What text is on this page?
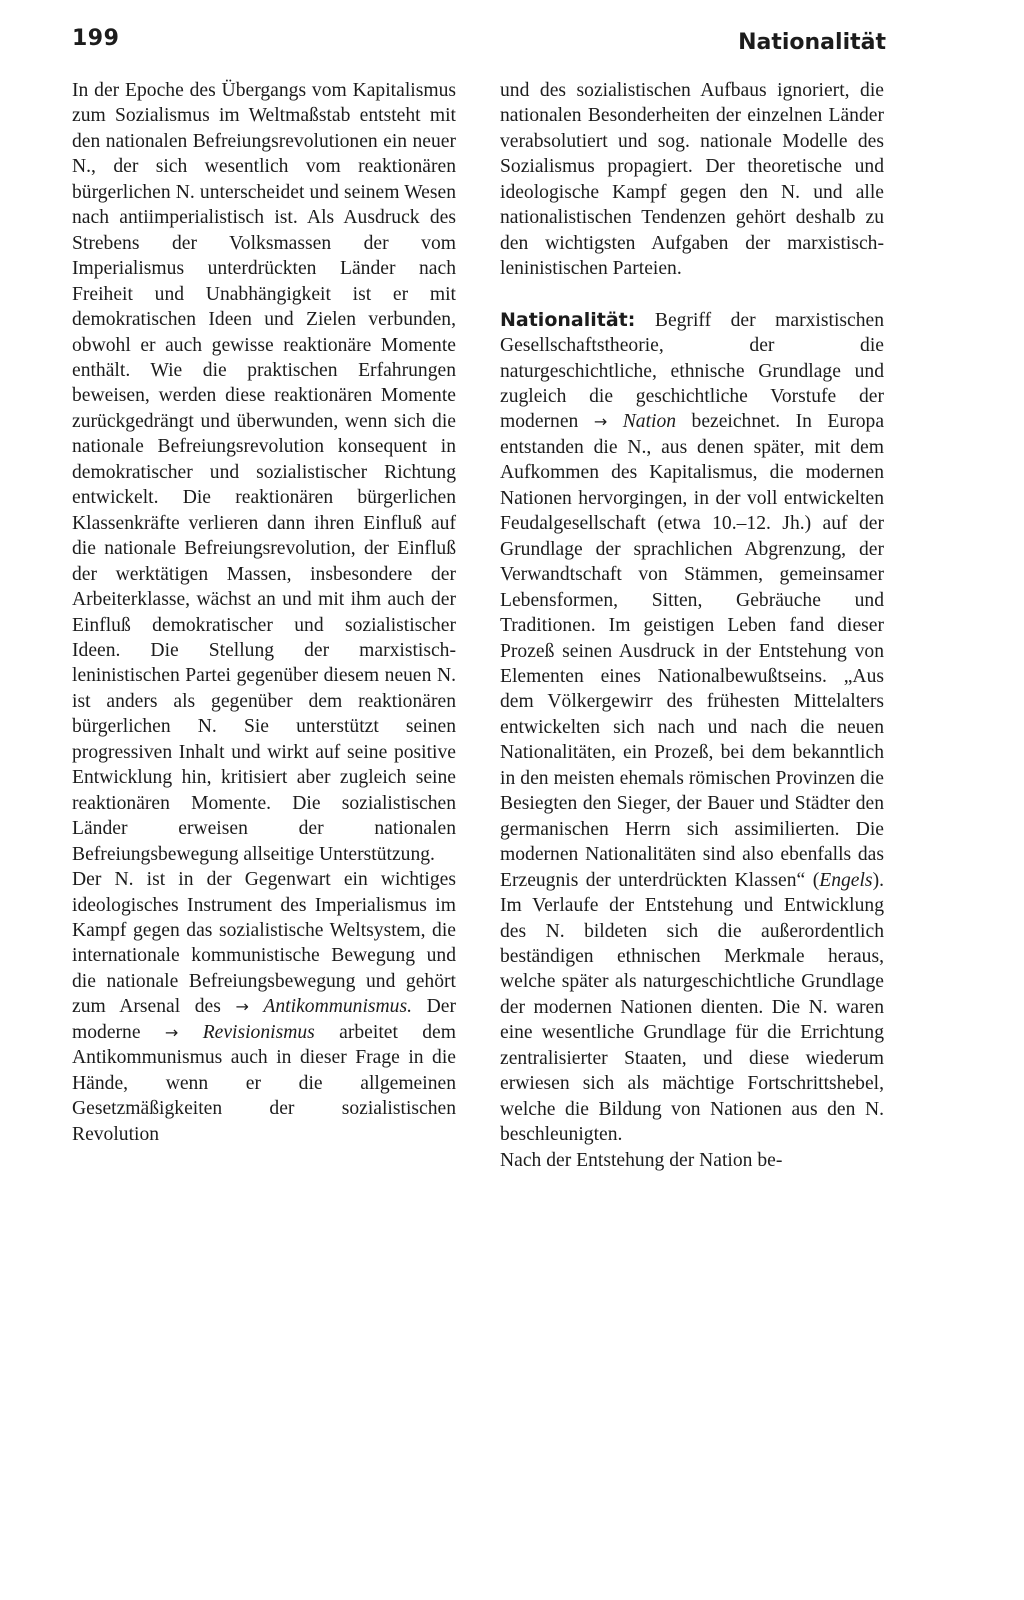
199	Nationalität

In der Epoche des Übergangs vom Kapitalismus zum Sozialismus im Weltmaßstab entsteht mit den nationalen Befreiungsrevolutionen ein neuer N., der sich wesentlich vom reaktionären bürgerlichen N. unterscheidet und seinem Wesen nach antiimperialistisch ist. Als Ausdruck des Strebens der Volksmassen der vom Imperialismus unterdrückten Länder nach Freiheit und Unabhängigkeit ist er mit demokratischen Ideen und Zielen verbunden, obwohl er auch gewisse reaktionäre Momente enthält. Wie die praktischen Erfahrungen beweisen, werden diese reaktionären Momente zurückgedrängt und überwunden, wenn sich die nationale Befreiungsrevolution konsequent in demokratischer und sozialistischer Richtung entwickelt. Die reaktionären bürgerlichen Klassenkräfte verlieren dann ihren Einfluß auf die nationale Befreiungsrevolution, der Einfluß der werktätigen Massen, insbesondere der Arbeiterklasse, wächst an und mit ihm auch der Einfluß demokratischer und sozialistischer Ideen. Die Stellung der marxistisch-leninistischen Partei gegenüber diesem neuen N. ist anders als gegenüber dem reaktionären bürgerlichen N. Sie unterstützt seinen progressiven Inhalt und wirkt auf seine positive Entwicklung hin, kritisiert aber zugleich seine reaktionären Momente. Die sozialistischen Länder erweisen der nationalen Befreiungsbewegung allseitige Unterstützung.

Der N. ist in der Gegenwart ein wichtiges ideologisches Instrument des Imperialismus im Kampf gegen das sozialistische Weltsystem, die internationale kommunistische Bewegung und die nationale Befreiungsbewegung und gehört zum Arsenal des → Antikommunismus. Der moderne → Revisionismus arbeitet dem Antikommunismus auch in dieser Frage in die Hände, wenn er die allgemeinen Gesetzmäßigkeiten der sozialistischen Revolution

und des sozialistischen Aufbaus ignoriert, die nationalen Besonderheiten der einzelnen Länder verabsolutiert und sog. nationale Modelle des Sozialismus propagiert. Der theoretische und ideologische Kampf gegen den N. und alle nationalistischen Tendenzen gehört deshalb zu den wichtigsten Aufgaben der marxistisch-leninistischen Parteien.

Nationalität: Begriff der marxistischen Gesellschaftstheorie, der die naturgeschichtliche, ethnische Grundlage und zugleich die geschichtliche Vorstufe der modernen → Nation bezeichnet. In Europa entstanden die N., aus denen später, mit dem Aufkommen des Kapitalismus, die modernen Nationen hervorgingen, in der voll entwickelten Feudalgesellschaft (etwa 10.–12. Jh.) auf der Grundlage der sprachlichen Abgrenzung, der Verwandtschaft von Stämmen, gemeinsamer Lebensformen, Sitten, Gebräuche und Traditionen. Im geistigen Leben fand dieser Prozeß seinen Ausdruck in der Entstehung von Elementen eines Nationalbewußtseins. „Aus dem Völkergewirr des frühesten Mittelalters entwickelten sich nach und nach die neuen Nationalitäten, ein Prozeß, bei dem bekanntlich in den meisten ehemals römischen Provinzen die Besiegten den Sieger, der Bauer und Städter den germanischen Herrn sich assimilierten. Die modernen Nationalitäten sind also ebenfalls das Erzeugnis der unterdrückten Klassen“ (Engels). Im Verlaufe der Entstehung und Entwicklung des N. bildeten sich die außerordentlich beständigen ethnischen Merkmale heraus, welche später als naturgeschichtliche Grundlage der modernen Nationen dienten. Die N. waren eine wesentliche Grundlage für die Errichtung zentralisierter Staaten, und diese wiederum erwiesen sich als mächtige Fortschrittshebel, welche die Bildung von Nationen aus den N. beschleunigten.

Nach der Entstehung der Nation be-
